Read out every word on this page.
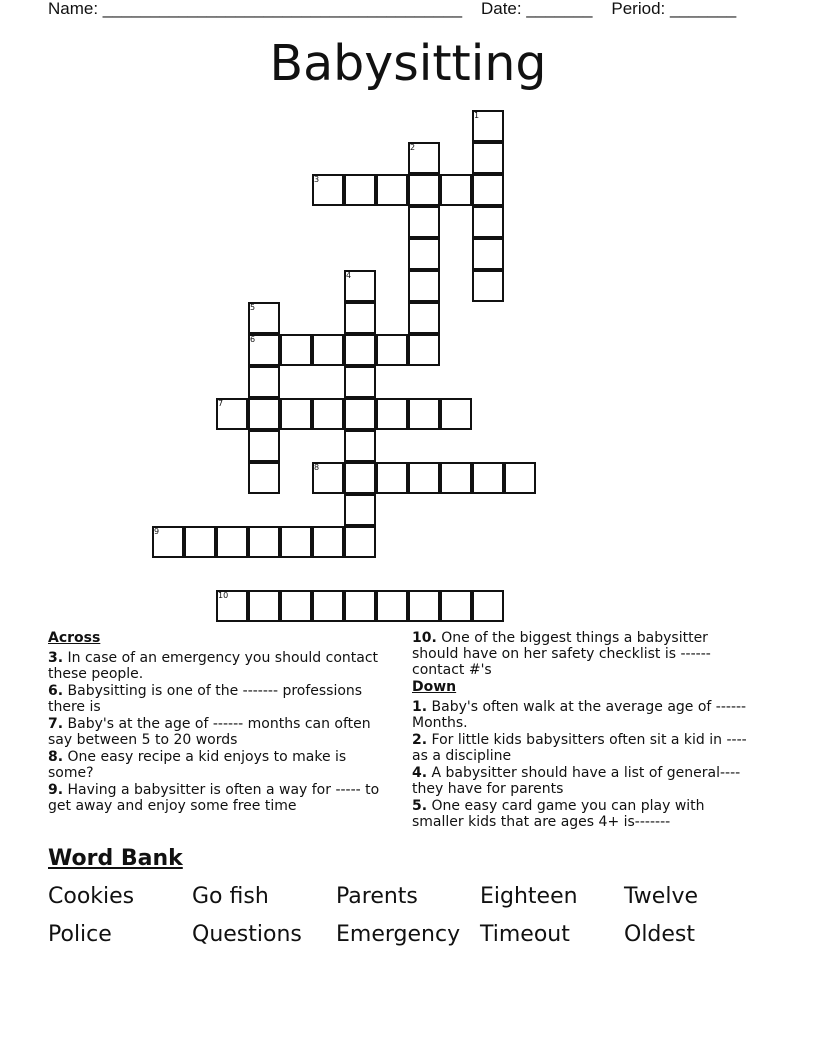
Name: ______________________________________    Date: _______    Period: _______
Babysitting
1
2
3
4
5
6
7
8
9
10
Across
3. In case of an emergency you should contact these people.
6. Babysitting is one of the ------- professions there is
7. Baby's at the age of ------ months can often say between 5 to 20 words
8. One easy recipe a kid enjoys to make is some?
9. Having a babysitter is often a way for ----- to get away and enjoy some free time
10. One of the biggest things a babysitter should have on her safety checklist is ------ contact #'s
Down
1. Baby's often walk at the average age of ------Months.
2. For little kids babysitters often sit a kid in ---- as a discipline
4. A babysitter should have a list of general---- they have for parents
5. One easy card game you can play with smaller kids that are ages 4+ is-------
Word Bank
Cookies	Go fish	Parents	Eighteen Twelve
Police	Questions Emergency Timeout Oldest
